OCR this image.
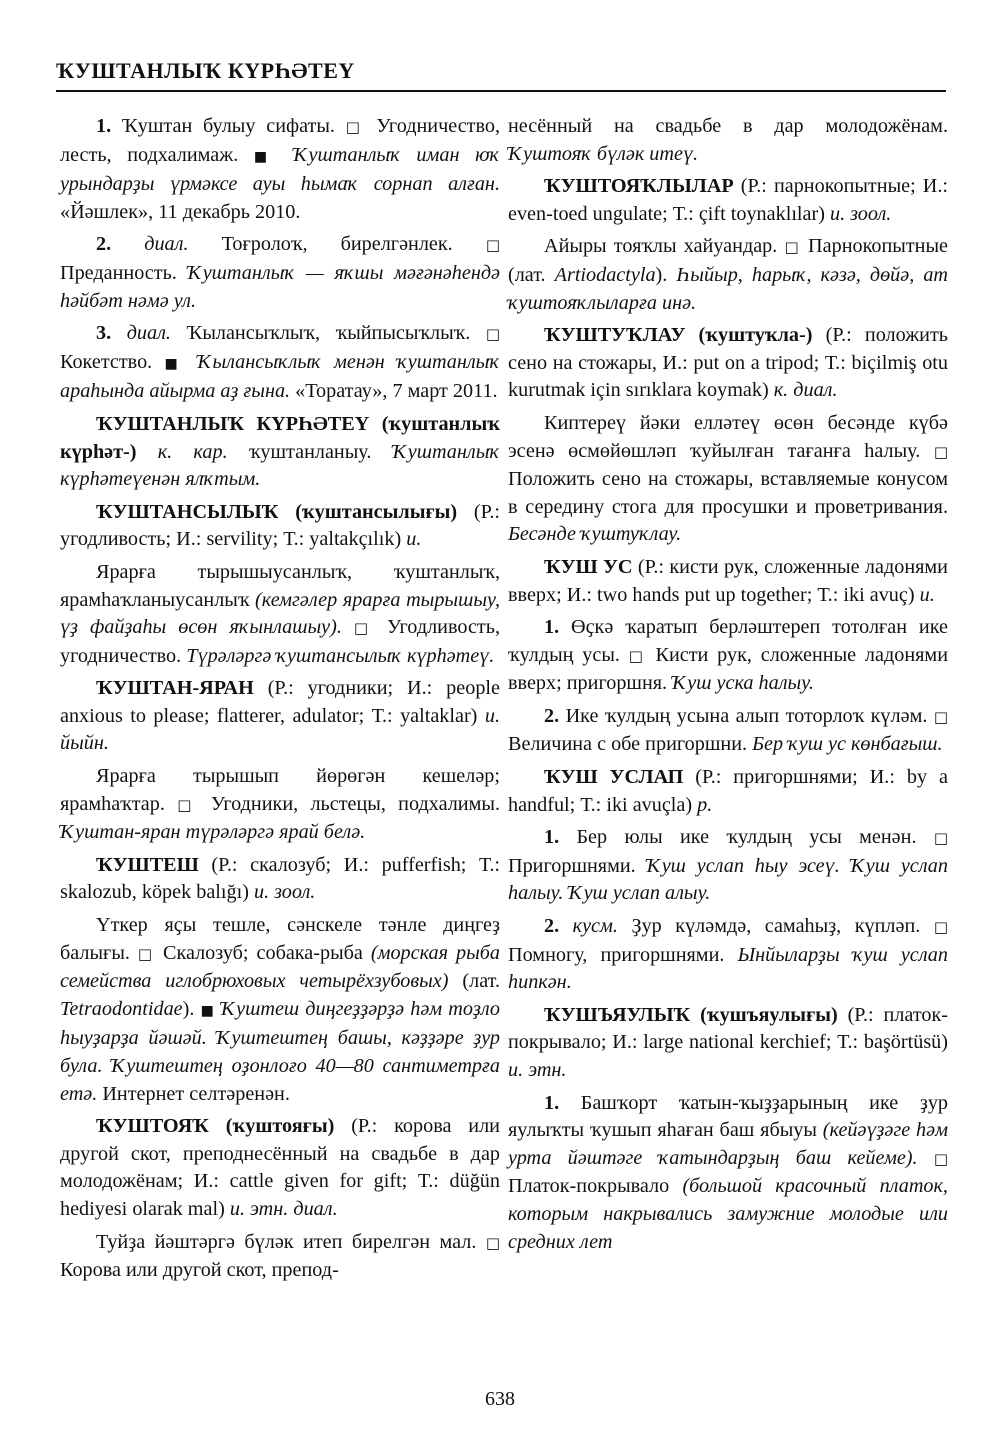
ҠУШТАНЛЫҠ КҮРҺӘТЕҮ

1. Ҡуштан булыу сифаты. □ Угодничество, лесть, подхалимаж. ■ Ҡуштанлыҡ иман юҡ урындарҙы үрмәксе ауы һымаҡ сорнап алған. «Йәшлек», 11 декабрь 2010.

2. диал. Тоғролоҡ, бирелгәнлек. □ Преданность. Ҡуштанлыҡ — яҡшы мәғәнәһендә һәйбәт нәмә ул.

3. диал. Ҡылансыҡлыҡ, ҡыйпысыҡлыҡ. □ Кокетство. ■ Ҡылансыҡлыҡ менән ҡуштанлыҡ араһында айырма аҙ ғына. «Торатау», 7 март 2011.

ҠУШТАНЛЫҠ КҮРҺӘТЕҮ (ҡуштанлыҡ күрһәт-) к. кар. ҡуштанланыу. Ҡуштанлыҡ күрһәтеүенән ялҡтым.

ҠУШТАНСЫЛЫҠ (ҡуштансылығы) (Р.: угодливость; И.: servility; Т.: yaltakçılık) и.

Ярарға тырышыусанлыҡ, ҡуштанлыҡ, ярамһаҡланыусанлыҡ (кемгәлер ярарға тырышыу, үҙ файҙаһы өсөн яҡынлашыу). □ Угодливость, угодничество. Түрәләргә ҡуштансылыҡ күрһәтеү.

ҠУШТАН-ЯРАН (Р.: угодники; И.: people anxious to please; flatterer, adulator; Т.: yaltaklar) и. йыйн.

Ярарға тырышып йөрөгән кешеләр; ярамһаҡтар. □ Угодники, льстецы, подхалимы. Ҡуштан-яран түрәләргә ярай белә.

ҠУШТЕШ (Р.: скалозуб; И.: pufferfish; Т.: skalozub, köpek balığı) и. зоол.

Үткер яҫы тешле, сәнскеле тәнле диңгеҙ балығы. □ Скалозуб; собака-рыба (морская рыба семейства иглобрюховых четырёхзубовых) (лат. Tetraodontidae). ■ Ҡуштеш диңгеҙҙәрҙә һәм тоҙло һыуҙарҙа йәшәй. Ҡуштештең башы, кәҙҙәре ҙур була. Ҡуштештең оҙонлоғо 40—80 сантиметрға етә. Интернет селтәренән.

ҠУШТОЯҠ (ҡуштояғы) (Р.: корова или другой скот, преподнесённый на свадьбе в дар молодожёнам; И.: cattle given for gift; Т.: düğün hediyesi olarak mal) и. этн. диал.

Туйҙа йәштәргә бүләк итеп бирелгән мал. □ Корова или другой скот, препод-

несённый на свадьбе в дар молодожёнам. Ҡуштояҡ бүләк итеү.

ҠУШТОЯҠЛЫЛАР (Р.: парнокопытные; И.: even-toed ungulate; Т.: çift toynaklılar) и. зоол.

Айыры тояҡлы хайуандар. □ Парнокопытные (лат. Artiodactyla). Һыйыр, һарыҡ, кәзә, дөйә, ат ҡуштояҡлыларға инә.

ҠУШТУҠЛАУ (ҡуштуҡла-) (Р.: положить сено на стожары, И.: put on a tripod; Т.: biçilmiş otu kurutmak için sırıklara koymak) к. диал.

Киптереү йәки елләтеү өсөн бесәнде күбә эсенә өсмөйөшләп ҡуйылған тағанға һалыу. □ Положить сено на стожары, вставляемые конусом в середину стога для просушки и проветривания. Бесәнде ҡуштуҡлау.

ҠУШ УС (Р.: кисти рук, сложенные ладонями вверх; И.: two hands put up together; Т.: iki avuç) и.

1. Өҫкә ҡаратып берләштереп тотолған ике ҡулдың усы. □ Кисти рук, сложенные ладонями вверх; пригоршня. Ҡуш уска һалыу.

2. Ике ҡулдың усына алып тоторлоҡ күләм. □ Величина с обе пригоршни. Бер ҡуш ус көнбағыш.

ҠУШ УСЛАП (Р.: пригоршнями; И.: by a handful; Т.: iki avuçla) р.

1. Бер юлы ике ҡулдың усы менән. □ Пригоршнями. Ҡуш услап һыу эсеү. Ҡуш услап һалыу. Ҡуш услап алыу.

2. кусм. Ҙур күләмдә, самаһыҙ, күпләп. □ Помногу, пригоршнями. Ынйыларҙы ҡуш услап һипкән.

ҠУШЪЯУЛЫҠ (ҡушъяулығы) (Р.: платок-покрывало; И.: large national kerchief; Т.: başörtüsü) и. этн.

1. Башҡорт ҡатын-ҡыҙҙарының ике ҙур яулыҡты ҡушып яһаған баш ябыуы (кейәүҙәге һәм урта йәштәге ҡатындарҙың баш кейеме). □ Платок-покрывало (большой красочный платок, которым накрывались замужние молодые или средних лет

638
